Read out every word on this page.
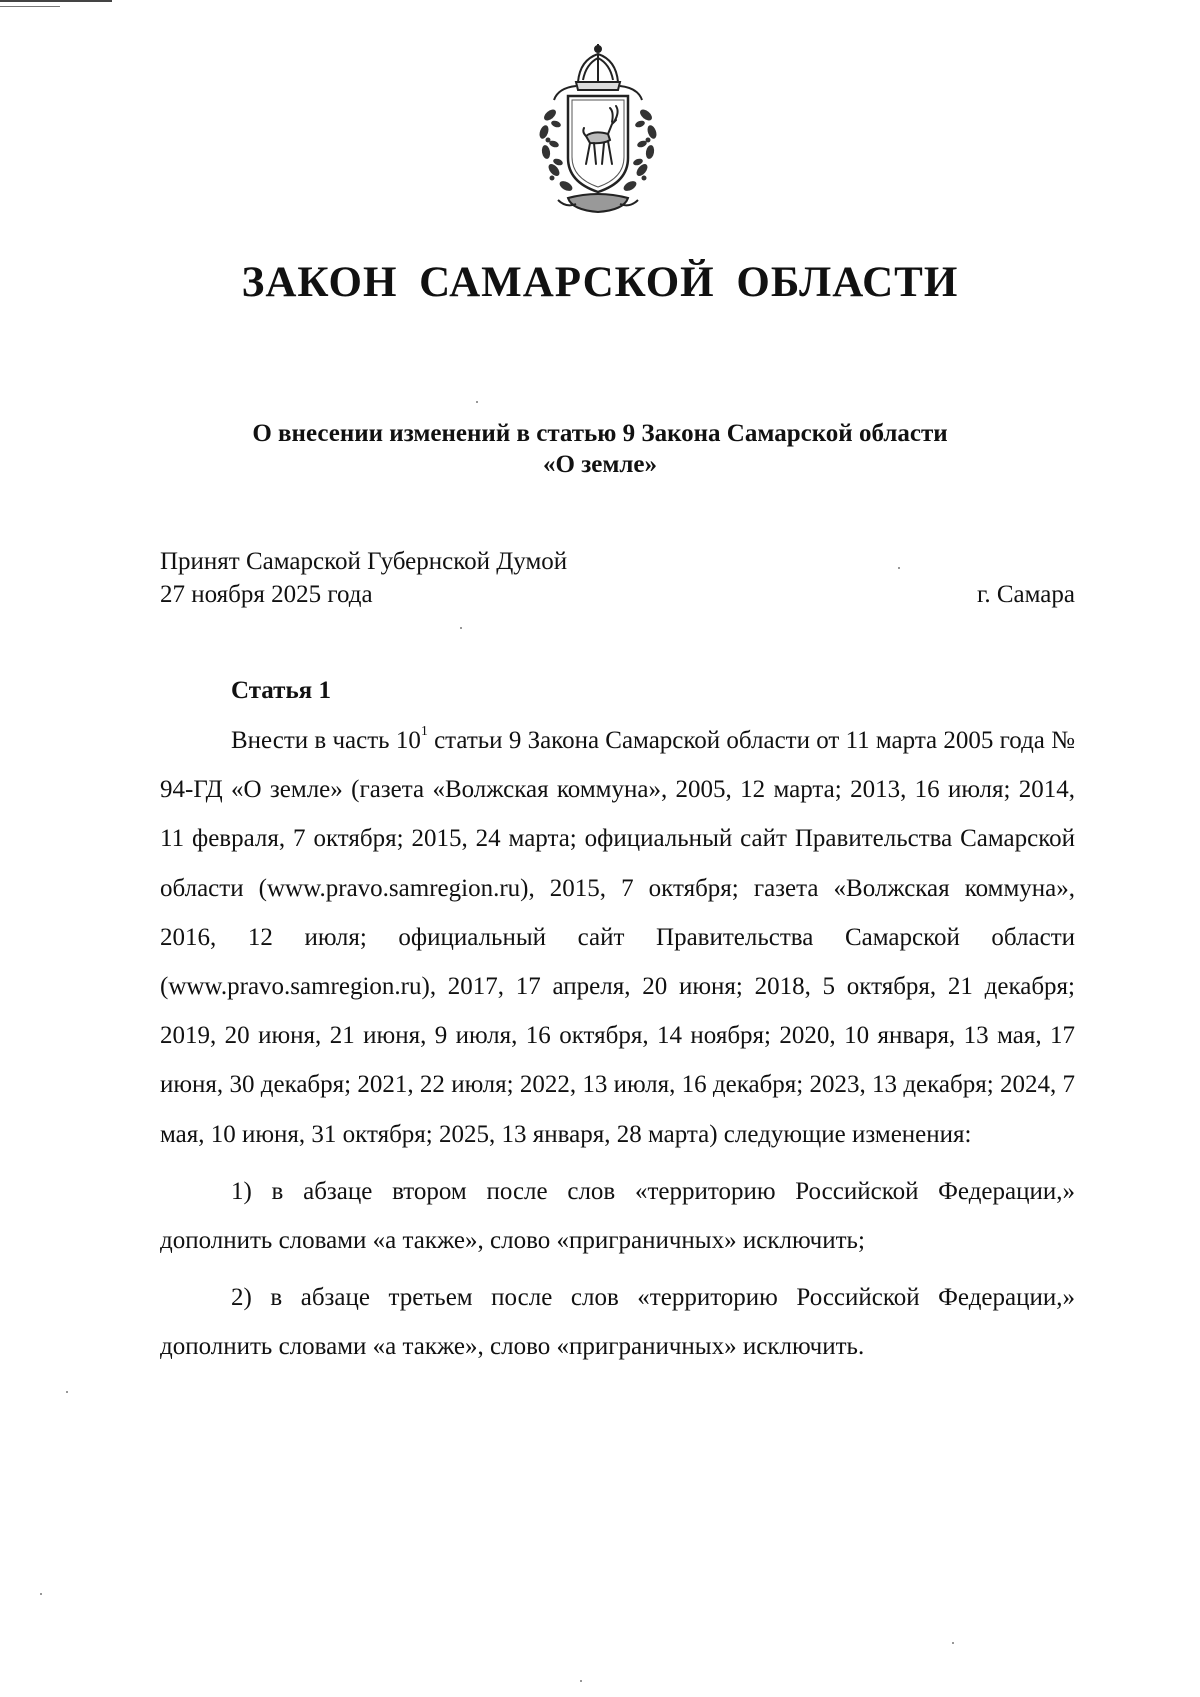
ЗАКОН САМАРСКОЙ ОБЛАСТИ
О внесении изменений в статью 9 Закона Самарской области
«О земле»
Принят Самарской Губернской Думой
27 ноября 2025 года	г. Самара
Статья 1

Внести в часть $10^1$ статьи 9 Закона Самарской области от 11 марта 2005 года № 94-ГД «О земле» (газета «Волжская коммуна», 2005, 12 марта; 2013, 16 июля; 2014, 11 февраля, 7 октября; 2015, 24 марта; официальный сайт Правительства Самарской области (www.pravo.samregion.ru), 2015, 7 октября; газета «Волжская коммуна», 2016, 12 июля; официальный сайт Правительства Самарской области (www.pravo.samregion.ru), 2017, 17 апреля, 20 июня; 2018, 5 октября, 21 декабря; 2019, 20 июня, 21 июня, 9 июля, 16 октября, 14 ноября; 2020, 10 января, 13 мая, 17 июня, 30 декабря; 2021, 22 июля; 2022, 13 июля, 16 декабря; 2023, 13 декабря; 2024, 7 мая, 10 июня, 31 октября; 2025, 13 января, 28 марта) следующие изменения:

1) в абзаце втором после слов «территорию Российской Федерации,» дополнить словами «а также», слово «приграничных» исключить;

2) в абзаце третьем после слов «территорию Российской Федерации,» дополнить словами «а также», слово «приграничных» исключить.
